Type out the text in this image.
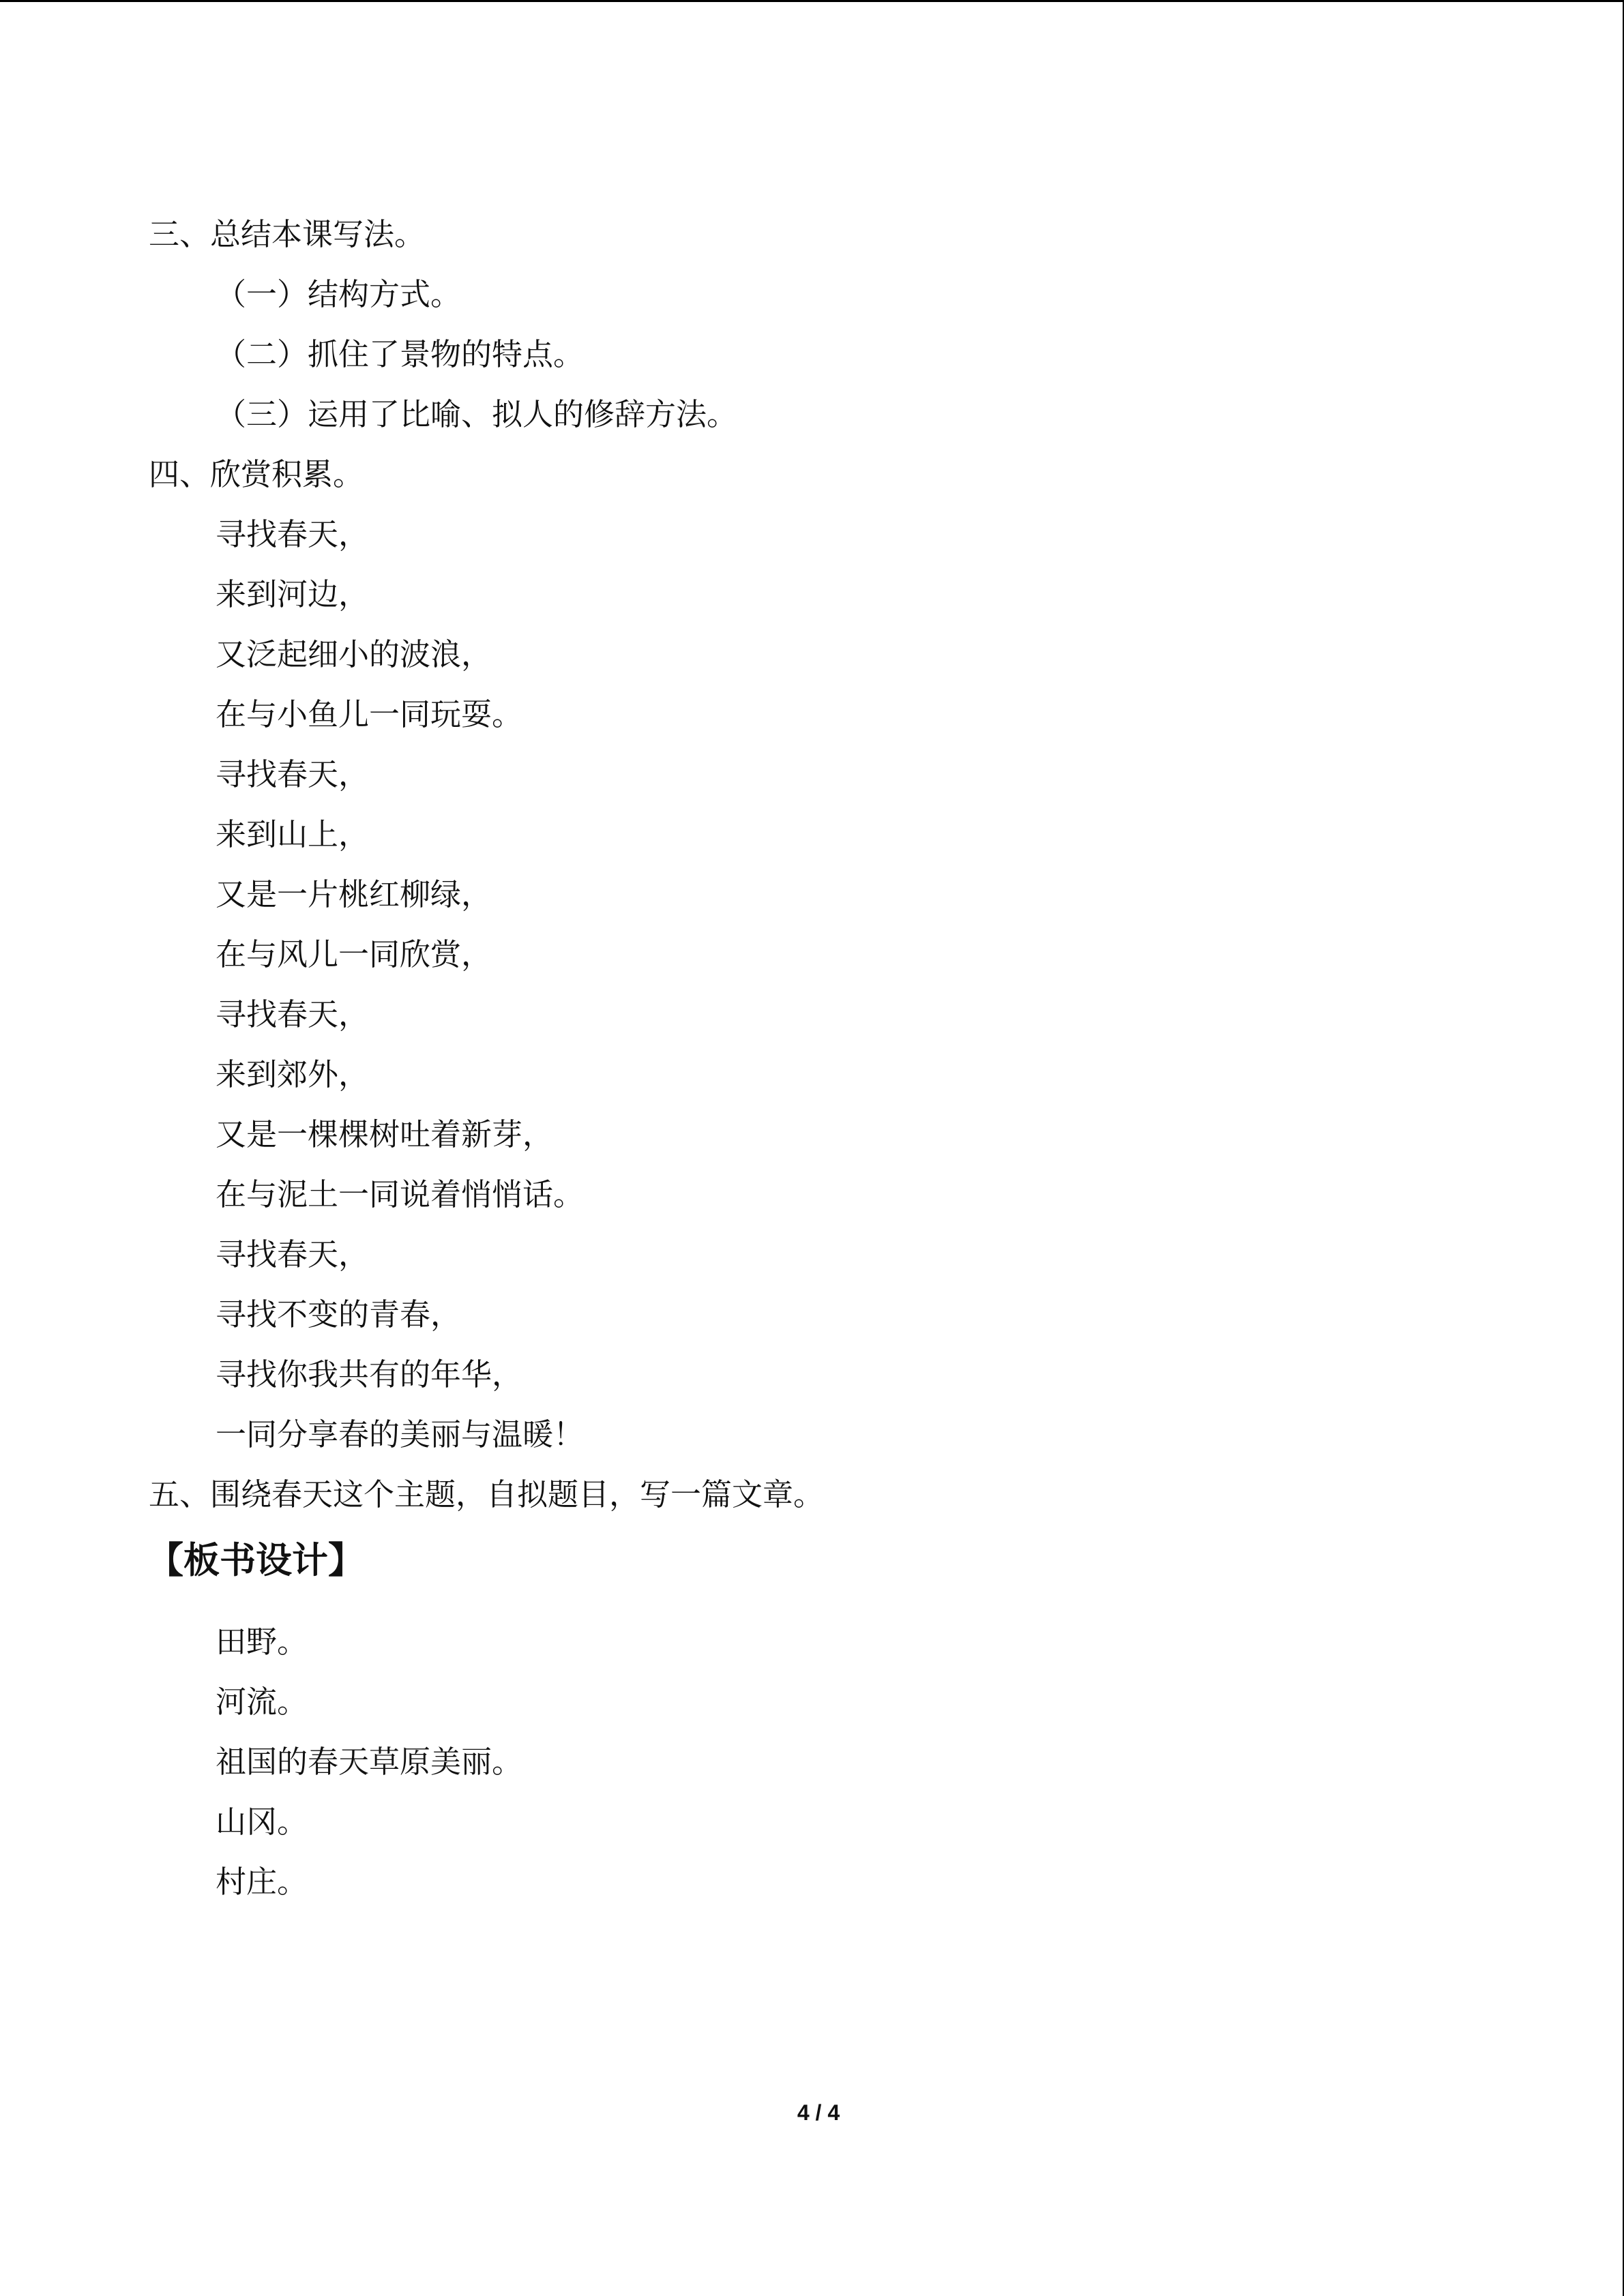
三、总结本课写法。
（一）结构方式。
（二）抓住了景物的特点。
（三）运用了比喻、拟人的修辞方法。
四、欣赏积累。
寻找春天，
来到河边，
又泛起细小的波浪，
在与小鱼儿一同玩耍。
寻找春天，
来到山上，
又是一片桃红柳绿，
在与风儿一同欣赏，
寻找春天，
来到郊外，
又是一棵棵树吐着新芽，
在与泥土一同说着悄悄话。
寻找春天，
寻找不变的青春，
寻找你我共有的年华，
一同分享春的美丽与温暖！
五、围绕春天这个主题，自拟题目，写一篇文章。
【板书设计】
田野。
河流。
祖国的春天草原美丽。
山冈。
村庄。
4 / 4
